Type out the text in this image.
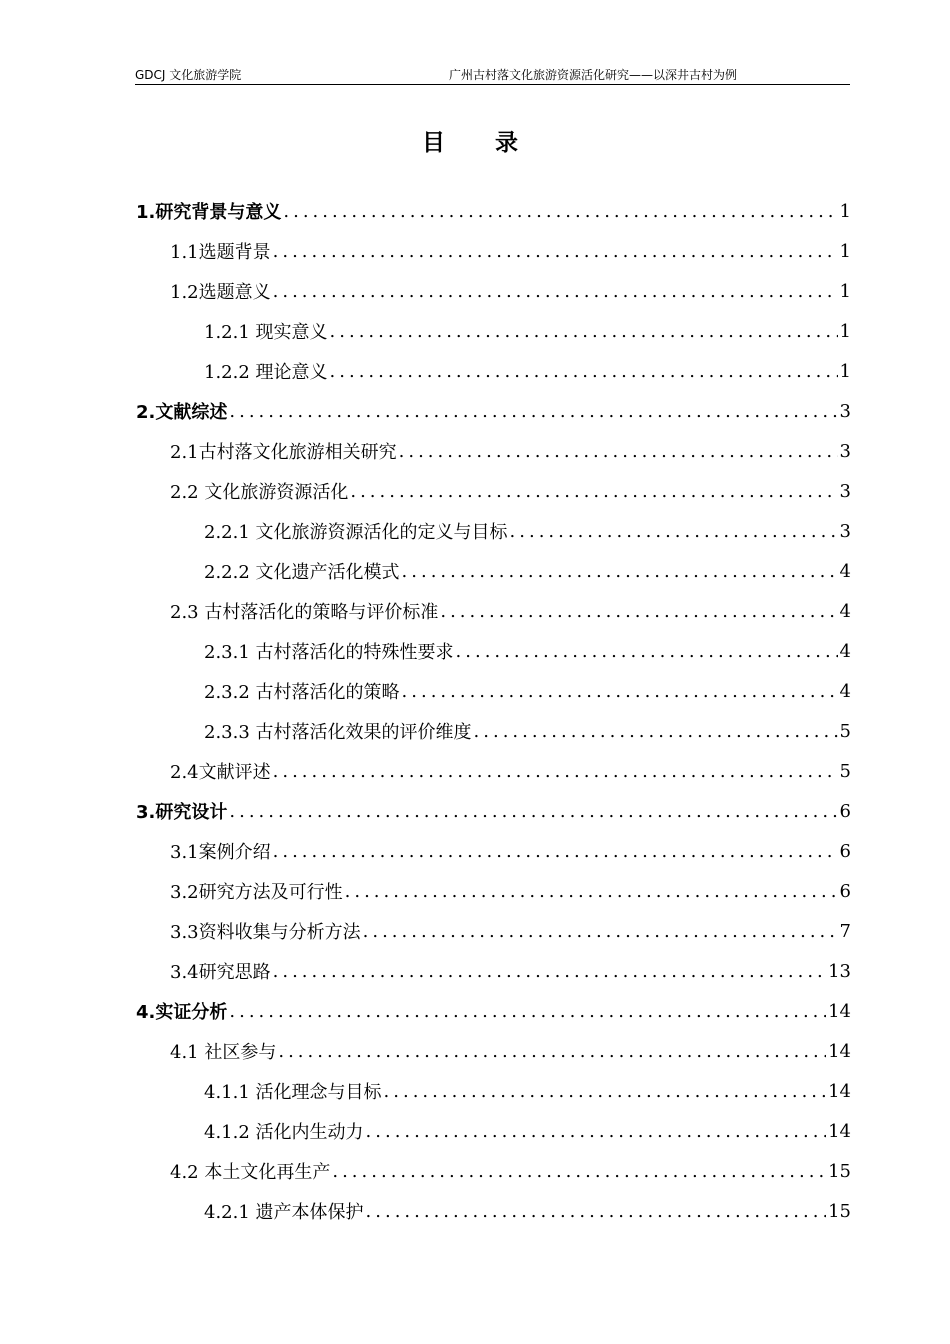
GDCJ 文化旅游学院	广州古村落文化旅游资源活化研究——以深井古村为例
目录
1.研究背景与意义 .....	1
1.1选题背景 .....	1
1.2选题意义 .....	1
1.2.1 现实意义 .....	1
1.2.2 理论意义 .....	1
2.文献综述 .....	3
2.1古村落文化旅游相关研究 .....	3
2.2 文化旅游资源活化 .....	3
2.2.1 文化旅游资源活化的定义与目标 .....	3
2.2.2 文化遗产活化模式 .....	4
2.3 古村落活化的策略与评价标准 .....	4
2.3.1 古村落活化的特殊性要求 .....	4
2.3.2 古村落活化的策略 .....	4
2.3.3 古村落活化效果的评价维度 .....	5
2.4文献评述 .....	5
3.研究设计 .....	6
3.1案例介绍 .....	6
3.2研究方法及可行性 .....	6
3.3资料收集与分析方法 .....	7
3.4研究思路 .....	13
4.实证分析 .....	14
4.1 社区参与 .....	14
4.1.1 活化理念与目标 .....	14
4.1.2 活化内生动力 .....	14
4.2 本土文化再生产 .....	15
4.2.1 遗产本体保护 .....	15
